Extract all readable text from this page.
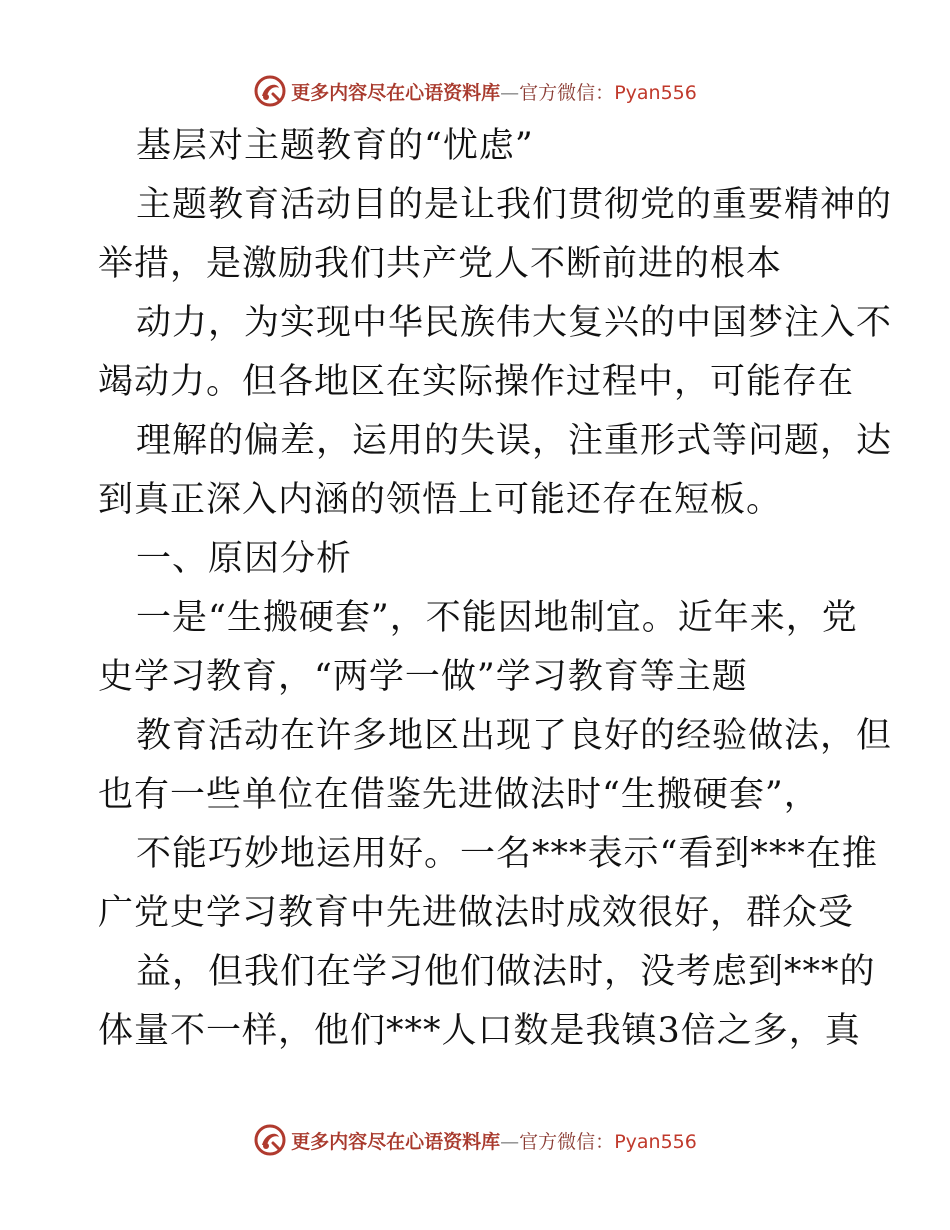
更多内容尽在心语资料库—官方微信：Pyan556
基层对主题教育的“忧虑”
主题教育活动目的是让我们贯彻党的重要精神的
举措，是激励我们共产党人不断前进的根本
动力，为实现中华民族伟大复兴的中国梦注入不
竭动力。但各地区在实际操作过程中，可能存在
理解的偏差，运用的失误，注重形式等问题，达
到真正深入内涵的领悟上可能还存在短板。
一、原因分析
一是“生搬硬套”，不能因地制宜。近年来，党
史学习教育，“两学一做”学习教育等主题
教育活动在许多地区出现了良好的经验做法，但
也有一些单位在借鉴先进做法时“生搬硬套”，
不能巧妙地运用好。一名***表示“看到***在推
广党史学习教育中先进做法时成效很好，群众受
益，但我们在学习他们做法时，没考虑到***的
体量不一样，他们***人口数是我镇3倍之多，真
更多内容尽在心语资料库—官方微信：Pyan556
